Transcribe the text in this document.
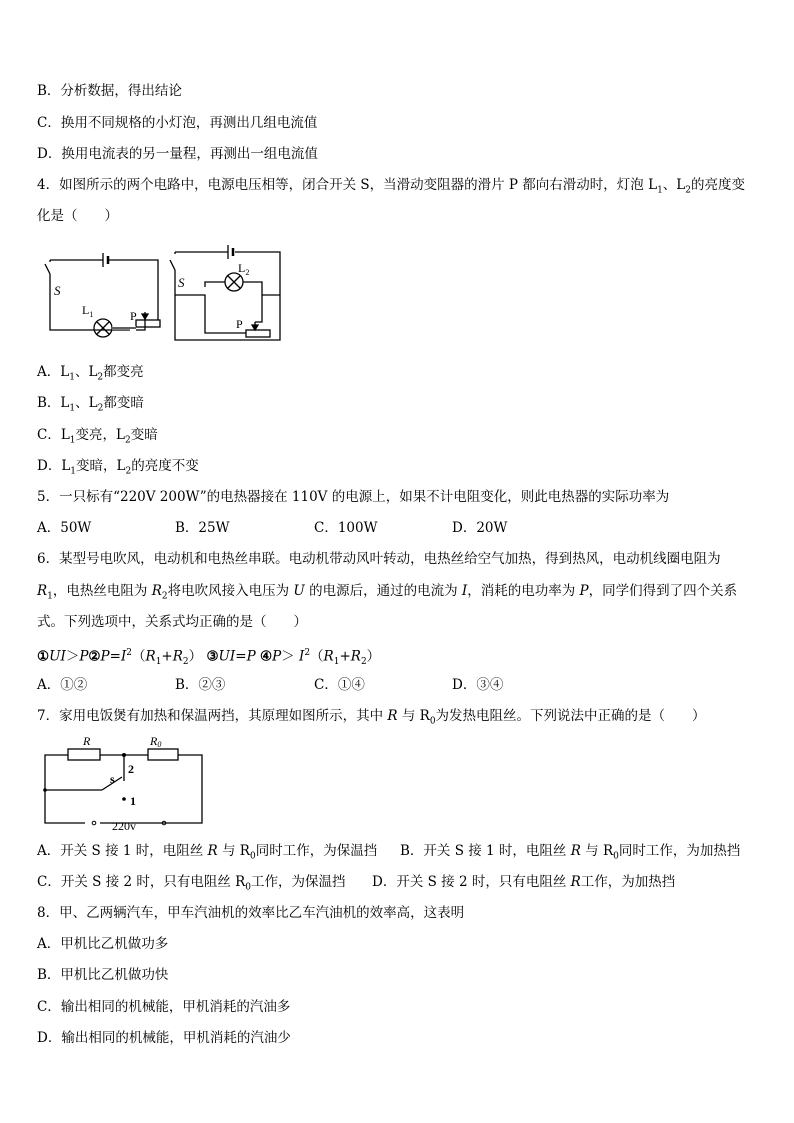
B．分析数据，得出结论
C．换用不同规格的小灯泡，再测出几组电流值
D．换用电流表的另一量程，再测出一组电流值
4．如图所示的两个电路中，电源电压相等，闭合开关 S，当滑动变阻器的滑片 P 都向右滑动时，灯泡 $L_1$、$L_2$的亮度变
化是（　　）
S
$L_1$	P
S
$L_2$
P
A．$L_1$、$L_2$都变亮
B．$L_1$、$L_2$都变暗
C．$L_1$变亮，$L_2$变暗
D．$L_1$变暗，$L_2$的亮度不变
5．一只标有“220V 200W”的电热器接在 110V 的电源上，如果不计电阻变化，则此电热器的实际功率为
A．50W	B．25W	C．100W	D．20W
6．某型号电吹风，电动机和电热丝串联。电动机带动风叶转动，电热丝给空气加热，得到热风，电动机线圈电阻为
$R_1$，电热丝电阻为 $R_2$将电吹风接入电压为 U 的电源后，通过的电流为 I，消耗的电功率为 P，同学们得到了四个关系
式。下列选项中，关系式均正确的是（　　）
$①UI>P②P=I^2(R_1+R_2)$ ③UI=P ④P＞ $I^2(R_1+R_2)$
A．①②	B．②③	C．①④	D．③④
7．家用电饭煲有加热和保温两挡，其原理如图所示，其中 R 与 $R_0$为发热电阻丝。下列说法中正确的是（　　）
R	R0
s
2
1
220v
A．开关 S 接 1 时，电阻丝 R 与 $R_0$同时工作，为保温挡 B．开关 S 接 1 时，电阻丝 R 与 $R_0$同时工作，为加热挡
C．开关 S 接 2 时，只有电阻丝 $R_0$工作，为保温挡 D．开关 S 接 2 时，只有电阻丝 R工作，为加热挡
8．甲、乙两辆汽车，甲车汽油机的效率比乙车汽油机的效率高，这表明
A．甲机比乙机做功多
B．甲机比乙机做功快
C．输出相同的机械能，甲机消耗的汽油多
D．输出相同的机械能，甲机消耗的汽油少
